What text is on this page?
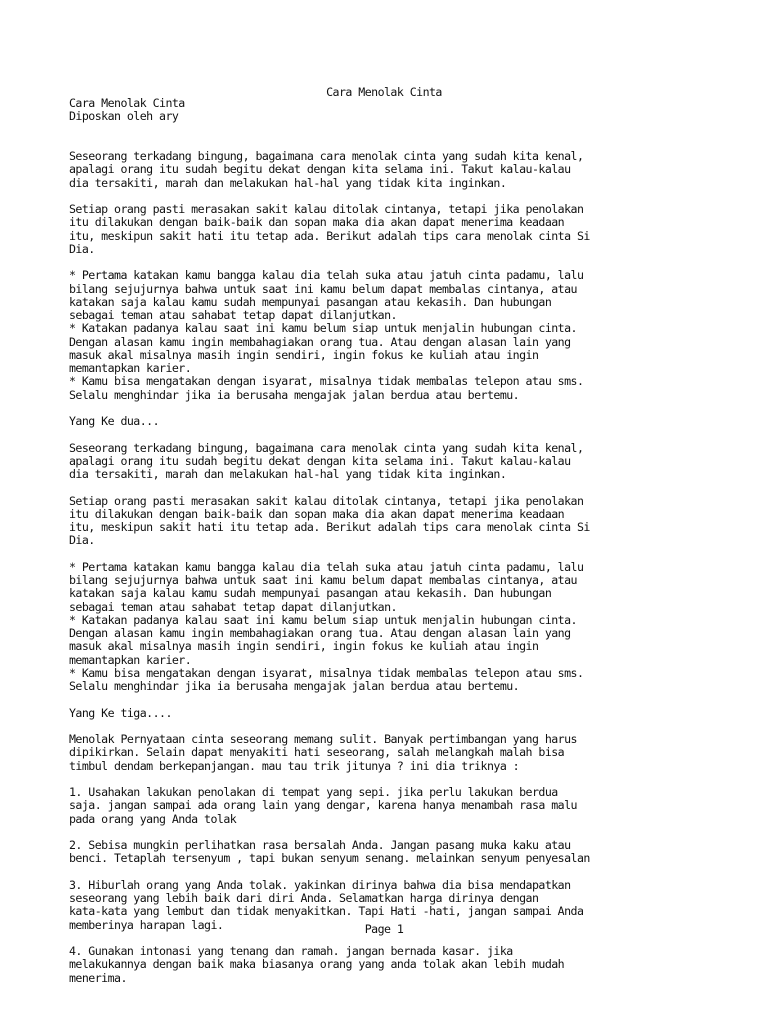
Cara Menolak Cinta
Cara Menolak Cinta
Diposkan oleh ary
Seseorang terkadang bingung, bagaimana cara menolak cinta yang sudah kita kenal,
apalagi orang itu sudah begitu dekat dengan kita selama ini. Takut kalau-kalau
dia tersakiti, marah dan melakukan hal-hal yang tidak kita inginkan.
Setiap orang pasti merasakan sakit kalau ditolak cintanya, tetapi jika penolakan
itu dilakukan dengan baik-baik dan sopan maka dia akan dapat menerima keadaan
itu, meskipun sakit hati itu tetap ada. Berikut adalah tips cara menolak cinta Si
Dia.
* Pertama katakan kamu bangga kalau dia telah suka atau jatuh cinta padamu, lalu
bilang sejujurnya bahwa untuk saat ini kamu belum dapat membalas cintanya, atau
katakan saja kalau kamu sudah mempunyai pasangan atau kekasih. Dan hubungan
sebagai teman atau sahabat tetap dapat dilanjutkan.
* Katakan padanya kalau saat ini kamu belum siap untuk menjalin hubungan cinta.
Dengan alasan kamu ingin membahagiakan orang tua. Atau dengan alasan lain yang
masuk akal misalnya masih ingin sendiri, ingin fokus ke kuliah atau ingin
memantapkan karier.
* Kamu bisa mengatakan dengan isyarat, misalnya tidak membalas telepon atau sms.
Selalu menghindar jika ia berusaha mengajak jalan berdua atau bertemu.
Yang Ke dua...
Seseorang terkadang bingung, bagaimana cara menolak cinta yang sudah kita kenal,
apalagi orang itu sudah begitu dekat dengan kita selama ini. Takut kalau-kalau
dia tersakiti, marah dan melakukan hal-hal yang tidak kita inginkan.
Setiap orang pasti merasakan sakit kalau ditolak cintanya, tetapi jika penolakan
itu dilakukan dengan baik-baik dan sopan maka dia akan dapat menerima keadaan
itu, meskipun sakit hati itu tetap ada. Berikut adalah tips cara menolak cinta Si
Dia.
* Pertama katakan kamu bangga kalau dia telah suka atau jatuh cinta padamu, lalu
bilang sejujurnya bahwa untuk saat ini kamu belum dapat membalas cintanya, atau
katakan saja kalau kamu sudah mempunyai pasangan atau kekasih. Dan hubungan
sebagai teman atau sahabat tetap dapat dilanjutkan.
* Katakan padanya kalau saat ini kamu belum siap untuk menjalin hubungan cinta.
Dengan alasan kamu ingin membahagiakan orang tua. Atau dengan alasan lain yang
masuk akal misalnya masih ingin sendiri, ingin fokus ke kuliah atau ingin
memantapkan karier.
* Kamu bisa mengatakan dengan isyarat, misalnya tidak membalas telepon atau sms.
Selalu menghindar jika ia berusaha mengajak jalan berdua atau bertemu.
Yang Ke tiga....
Menolak Pernyataan cinta seseorang memang sulit. Banyak pertimbangan yang harus
dipikirkan. Selain dapat menyakiti hati seseorang, salah melangkah malah bisa
timbul dendam berkepanjangan. mau tau trik jitunya ? ini dia triknya :
1. Usahakan lakukan penolakan di tempat yang sepi. jika perlu lakukan berdua
saja. jangan sampai ada orang lain yang dengar, karena hanya menambah rasa malu
pada orang yang Anda tolak
2. Sebisa mungkin perlihatkan rasa bersalah Anda. Jangan pasang muka kaku atau
benci. Tetaplah tersenyum , tapi bukan senyum senang. melainkan senyum penyesalan
3. Hiburlah orang yang Anda tolak. yakinkan dirinya bahwa dia bisa mendapatkan
seseorang yang lebih baik dari diri Anda. Selamatkan harga dirinya dengan
kata-kata yang lembut dan tidak menyakitkan. Tapi Hati -hati, jangan sampai Anda
memberinya harapan lagi.
4. Gunakan intonasi yang tenang dan ramah. jangan bernada kasar. jika
melakukannya dengan baik maka biasanya orang yang anda tolak akan lebih mudah
menerima.
Page 1
